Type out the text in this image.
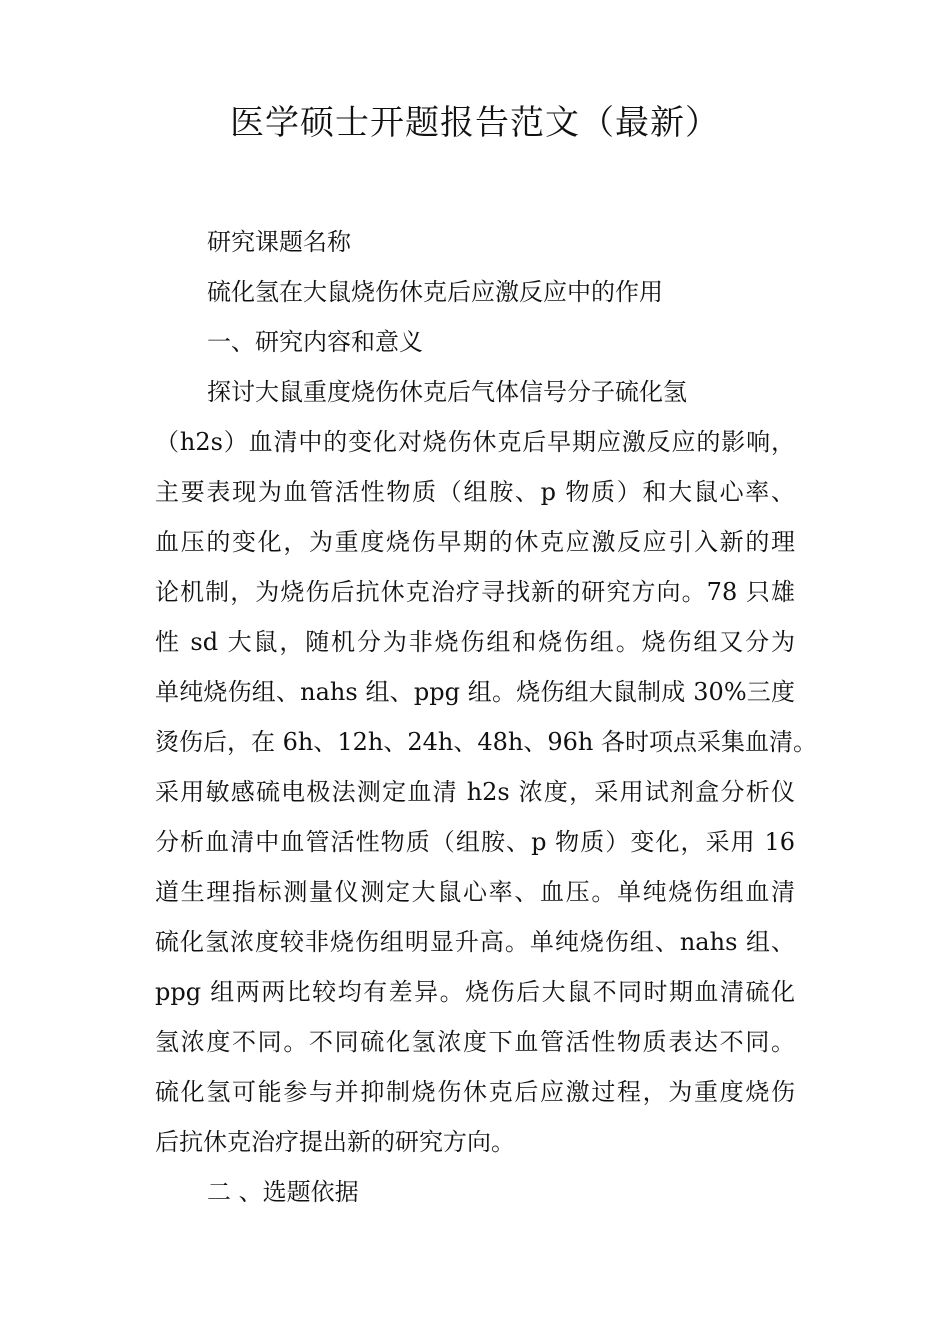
医学硕士开题报告范文（最新）

研究课题名称

硫化氢在大鼠烧伤休克后应激反应中的作用

一、研究内容和意义

探讨大鼠重度烧伤休克后气体信号分子硫化氢

（h2s）血清中的变化对烧伤休克后早期应激反应的影响，

主要表现为血管活性物质（组胺、p 物质）和大鼠心率、

血压的变化，为重度烧伤早期的休克应激反应引入新的理

论机制，为烧伤后抗休克治疗寻找新的研究方向。78 只雄

性 sd 大鼠，随机分为非烧伤组和烧伤组。烧伤组又分为

单纯烧伤组、nahs 组、ppg 组。烧伤组大鼠制成 30%三度

烫伤后，在 6h、12h、24h、48h、96h 各时项点采集血清。

采用敏感硫电极法测定血清 h2s 浓度，采用试剂盒分析仪

分析血清中血管活性物质（组胺、p 物质）变化，采用 16

道生理指标测量仪测定大鼠心率、血压。单纯烧伤组血清

硫化氢浓度较非烧伤组明显升高。单纯烧伤组、nahs 组、

ppg 组两两比较均有差异。烧伤后大鼠不同时期血清硫化

氢浓度不同。不同硫化氢浓度下血管活性物质表达不同。

硫化氢可能参与并抑制烧伤休克后应激过程，为重度烧伤

后抗休克治疗提出新的研究方向。

二 、选题依据
